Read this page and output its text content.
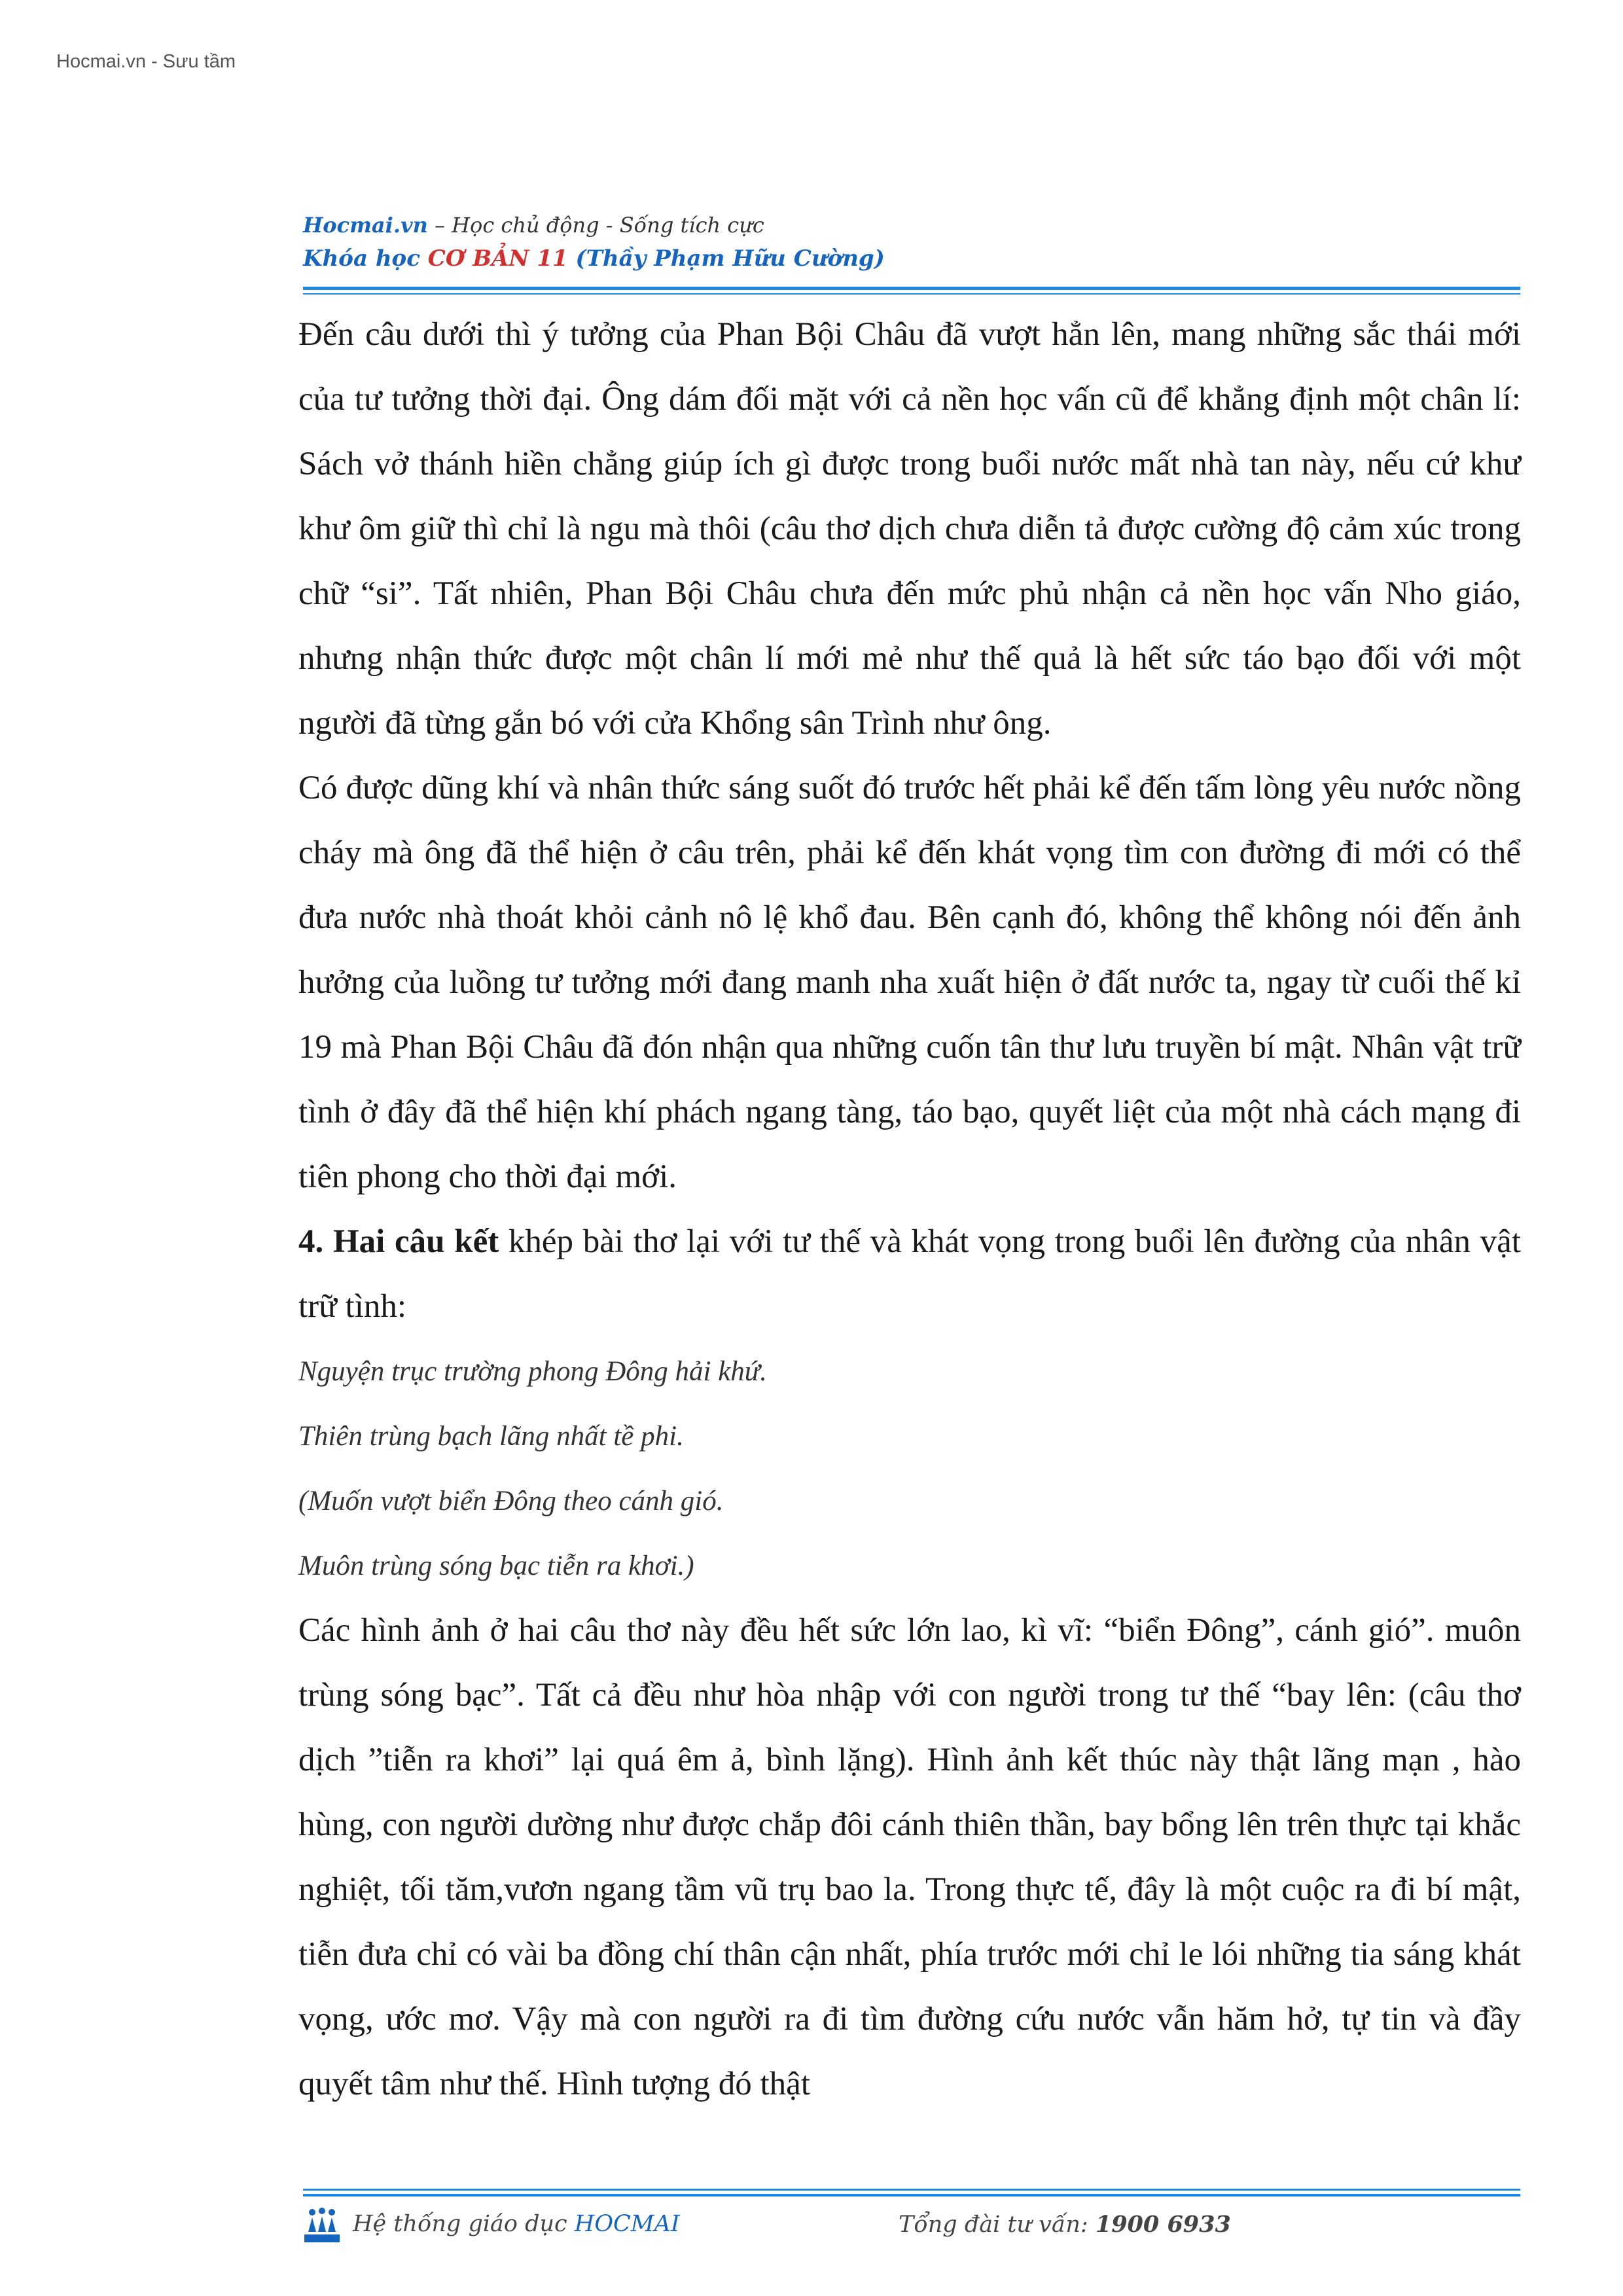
Hocmai.vn - Sưu tầm
Hocmai.vn – Học chủ động - Sống tích cực
Khóa học CƠ BẢN 11 (Thầy Phạm Hữu Cường)

Đến câu dưới thì ý tưởng của Phan Bội Châu đã vượt hẳn lên, mang những sắc thái mới của tư tưởng thời đại. Ông dám đối mặt với cả nền học vấn cũ để khẳng định một chân lí: Sách vở thánh hiền chẳng giúp ích gì được trong buổi nước mất nhà tan này, nếu cứ khư khư ôm giữ thì chỉ là ngu mà thôi (câu thơ dịch chưa diễn tả được cường độ cảm xúc trong chữ “si”. Tất nhiên, Phan Bội Châu chưa đến mức phủ nhận cả nền học vấn Nho giáo, nhưng nhận thức được một chân lí mới mẻ như thế quả là hết sức táo bạo đối với một người đã từng gắn bó với cửa Khổng sân Trình như ông.

Có được dũng khí và nhân thức sáng suốt đó trước hết phải kể đến tấm lòng yêu nước nồng cháy mà ông đã thể hiện ở câu trên, phải kể đến khát vọng tìm con đường đi mới có thể đưa nước nhà thoát khỏi cảnh nô lệ khổ đau. Bên cạnh đó, không thể không nói đến ảnh hưởng của luồng tư tưởng mới đang manh nha xuất hiện ở đất nước ta, ngay từ cuối thế kỉ 19 mà Phan Bội Châu đã đón nhận qua những cuốn tân thư lưu truyền bí mật. Nhân vật trữ tình ở đây đã thể hiện khí phách ngang tàng, táo bạo, quyết liệt của một nhà cách mạng đi tiên phong cho thời đại mới.

4. Hai câu kết khép bài thơ lại với tư thế và khát vọng trong buổi lên đường của nhân vật trữ tình:

Nguyện trục trường phong Đông hải khứ.

Thiên trùng bạch lãng nhất tề phi.

(Muốn vượt biển Đông theo cánh gió.

Muôn trùng sóng bạc tiễn ra khơi.)

Các hình ảnh ở hai câu thơ này đều hết sức lớn lao, kì vĩ: “biển Đông”, cánh gió”. muôn trùng sóng bạc”. Tất cả đều như hòa nhập với con người trong tư thế “bay lên: (câu thơ dịch ”tiễn ra khơi” lại quá êm ả, bình lặng). Hình ảnh kết thúc này thật lãng mạn , hào hùng, con người dường như được chắp đôi cánh thiên thần, bay bổng lên trên thực tại khắc nghiệt, tối tăm,vươn ngang tầm vũ trụ bao la. Trong thực tế, đây là một cuộc ra đi bí mật, tiễn đưa chỉ có vài ba đồng chí thân cận nhất, phía trước mới chỉ le lói những tia sáng khát vọng, ước mơ. Vậy mà con người ra đi tìm đường cứu nước vẫn hăm hở, tự tin và đầy quyết tâm như thế. Hình tượng đó thật

Hệ thống giáo dục HOCMAI	Tổng đài tư vấn: 1900 6933
